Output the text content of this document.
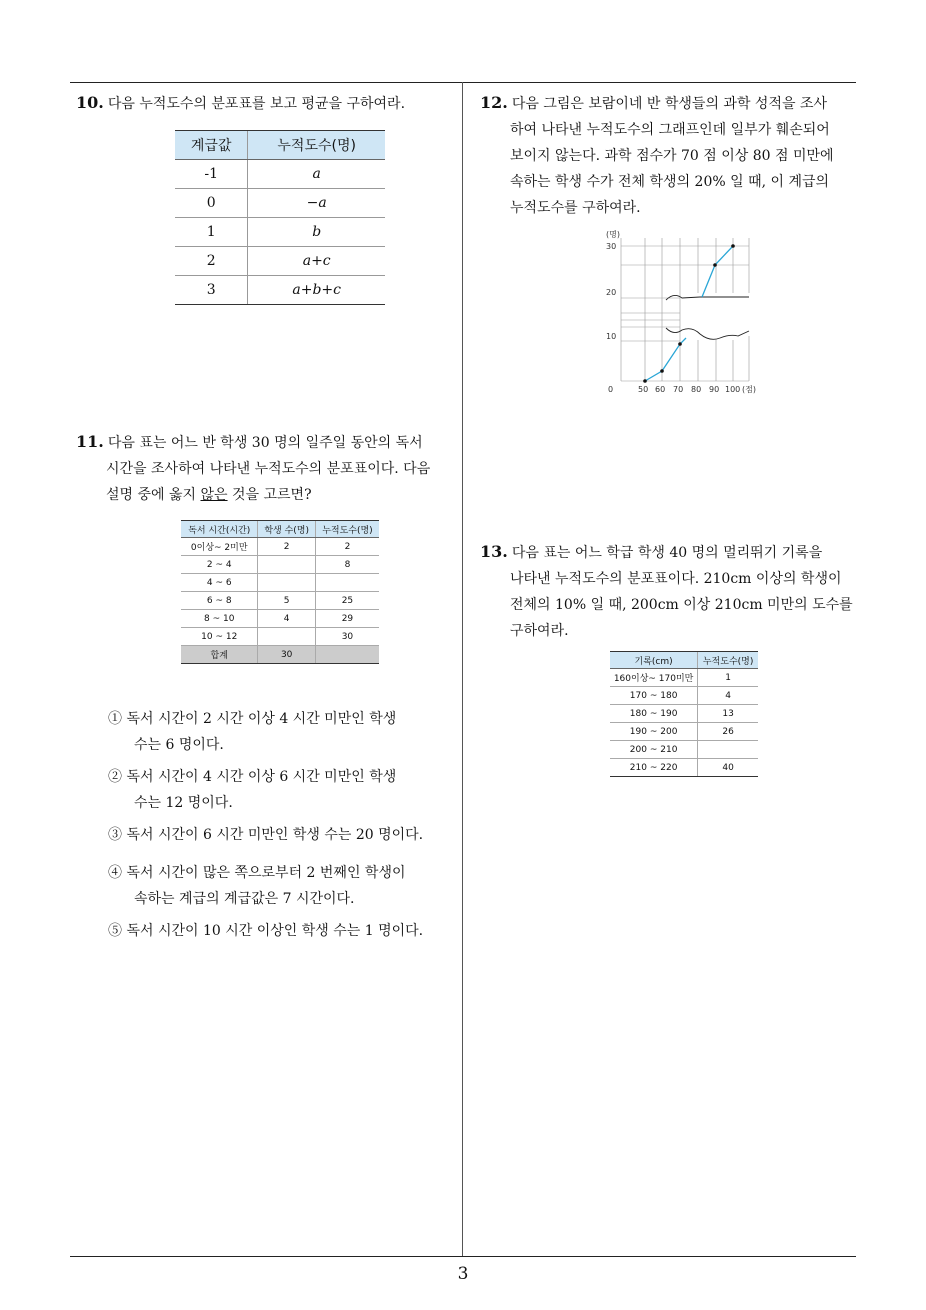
3
10. 다음 누적도수의 분포표를 보고 평균을 구하여라.
계급값	누적도수(명)
-1	a
0	−a
1	b
2	a+c
3	a+b+c
11. 다음 표는 어느 반 학생 30 명의 일주일 동안의 독서
시간을 조사하여 나타낸 누적도수의 분포표이다. 다음
설명 중에 옳지 않은 것을 고르면?
독서 시간(시간)	학생 수(명)	누적도수(명)
0이상~ 2미만	2	2
2 ~ 4		8
4 ~ 6		
6 ~ 8	5	25
8 ~ 10	4	29
10 ~ 12		30
합계	30	
① 독서 시간이 2 시간 이상 4 시간 미만인 학생
수는 6 명이다.
② 독서 시간이 4 시간 이상 6 시간 미만인 학생
수는 12 명이다.
③ 독서 시간이 6 시간 미만인 학생 수는 20 명이다.
④ 독서 시간이 많은 쪽으로부터 2 번째인 학생이
속하는 계급의 계급값은 7 시간이다.
⑤ 독서 시간이 10 시간 이상인 학생 수는 1 명이다.
12. 다음 그림은 보람이네 반 학생들의 과학 성적을 조사
하여 나타낸 누적도수의 그래프인데 일부가 훼손되어
보이지 않는다. 과학 점수가 70 점 이상 80 점 미만에
속하는 학생 수가 전체 학생의 20% 일 때, 이 계급의
누적도수를 구하여라.
(명)
30
20
10
0	50 60 70 80 90 100 (점)
13. 다음 표는 어느 학급 학생 40 명의 멀리뛰기 기록을
나타낸 누적도수의 분포표이다. 210cm 이상의 학생이
전체의 10% 일 때, 200cm 이상 210cm 미만의 도수를
구하여라.
기록(cm)	누적도수(명)
160이상~ 170미만	1
170 ~ 180	4
180 ~ 190	13
190 ~ 200	26
200 ~ 210	
210 ~ 220	40
